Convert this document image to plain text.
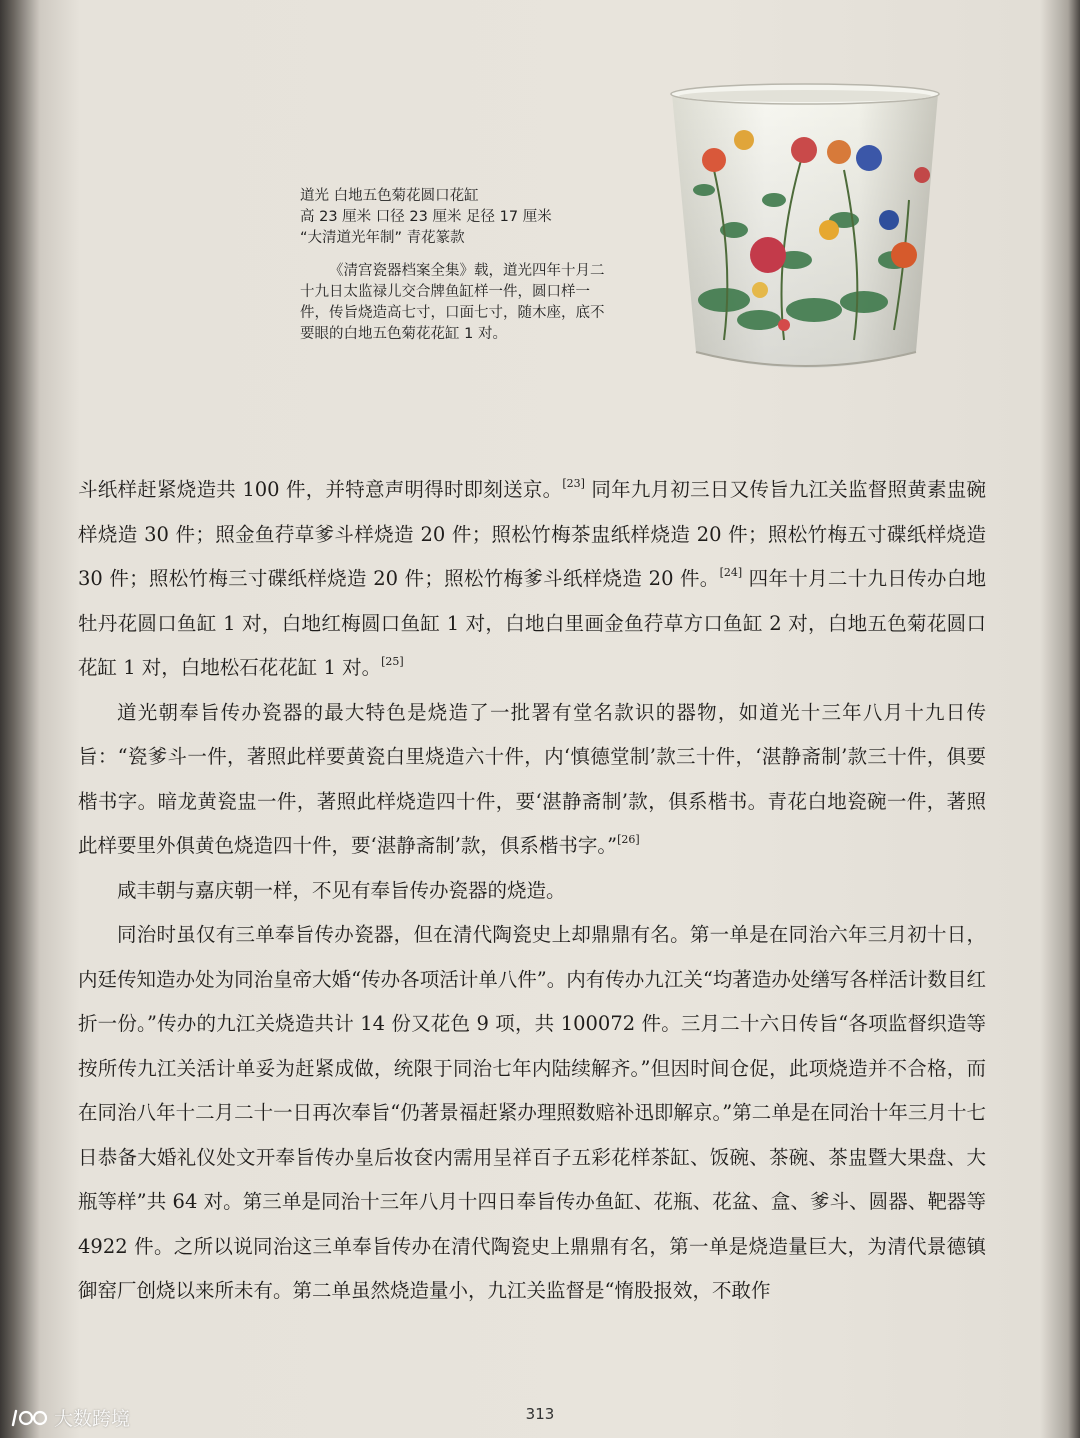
道光 白地五色菊花圆口花缸
高 23 厘米 口径 23 厘米 足径 17 厘米
“大清道光年制” 青花篆款
《清宫瓷器档案全集》载，道光四年十月二十九日太监禄儿交合牌鱼缸样一件，圆口样一件，传旨烧造高七寸，口面七寸，随木座，底不要眼的白地五色菊花花缸 1 对。

斗纸样赶紧烧造共 100 件，并特意声明得时即刻送京。[23] 同年九月初三日又传旨九江关监督照黄素盅碗样烧造 30 件；照金鱼荇草爹斗样烧造 20 件；照松竹梅茶盅纸样烧造 20 件；照松竹梅五寸碟纸样烧造 30 件；照松竹梅三寸碟纸样烧造 20 件；照松竹梅爹斗纸样烧造 20 件。[24] 四年十月二十九日传办白地牡丹花圆口鱼缸 1 对，白地红梅圆口鱼缸 1 对，白地白里画金鱼荇草方口鱼缸 2 对，白地五色菊花圆口花缸 1 对，白地松石花花缸 1 对。[25]

道光朝奉旨传办瓷器的最大特色是烧造了一批署有堂名款识的器物，如道光十三年八月十九日传旨：“瓷爹斗一件，著照此样要黄瓷白里烧造六十件，内‘慎德堂制’款三十件，‘湛静斋制’款三十件，俱要楷书字。暗龙黄瓷盅一件，著照此样烧造四十件，要‘湛静斋制’款，俱系楷书。青花白地瓷碗一件，著照此样要里外俱黄色烧造四十件，要‘湛静斋制’款，俱系楷书字。”[26]

咸丰朝与嘉庆朝一样，不见有奉旨传办瓷器的烧造。

同治时虽仅有三单奉旨传办瓷器，但在清代陶瓷史上却鼎鼎有名。第一单是在同治六年三月初十日，内廷传知造办处为同治皇帝大婚“传办各项活计单八件”。内有传办九江关“均著造办处缮写各样活计数目红折一份。”传办的九江关烧造共计 14 份又花色 9 项，共 100072 件。三月二十六日传旨“各项监督织造等按所传九江关活计单妥为赶紧成做，统限于同治七年内陆续解齐。”但因时间仓促，此项烧造并不合格，而在同治八年十二月二十一日再次奉旨“仍著景福赶紧办理照数赔补迅即解京。”第二单是在同治十年三月十七日恭备大婚礼仪处文开奉旨传办皇后妆奁内需用呈祥百子五彩花样茶缸、饭碗、茶碗、茶盅暨大果盘、大瓶等样”共 64 对。第三单是同治十三年八月十四日奉旨传办鱼缸、花瓶、花盆、盒、爹斗、圆器、靶器等 4922 件。之所以说同治这三单奉旨传办在清代陶瓷史上鼎鼎有名，第一单是烧造量巨大，为清代景德镇御窑厂创烧以来所未有。第二单虽然烧造量小，九江关监督是“惰股报效，不敢作

313
大数跨境
